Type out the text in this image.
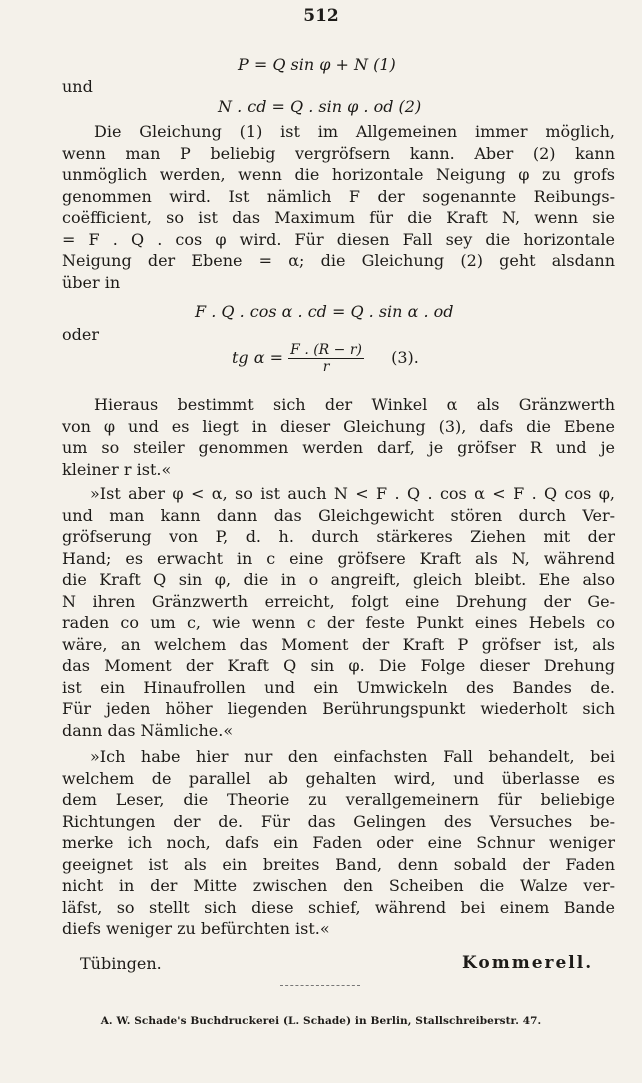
512
P = Q sin φ + N (1)
und
N . cd = Q . sin φ . od (2)
Die Gleichung (1) ist im Allgemeinen immer möglich,
wenn man P beliebig vergröfsern kann. Aber (2) kann
unmöglich werden, wenn die horizontale Neigung φ zu grofs
genommen wird. Ist nämlich F der sogenannte Reibungs-
coëfficient, so ist das Maximum für die Kraft N, wenn sie
= F . Q . cos φ wird. Für diesen Fall sey die horizontale
Neigung der Ebene = α; die Gleichung (2) geht alsdann
über in
F . Q . cos α . cd = Q . sin α . od
oder
tg $\alpha = \frac{F . (R - r)}{r} (3)$.
Hieraus bestimmt sich der Winkel α als Gränzwerth
von φ und es liegt in dieser Gleichung (3), dafs die Ebene
um so steiler genommen werden darf, je gröfser R und je
kleiner r ist.«
»Ist aber φ < α, so ist auch N < F . Q . cos α < F . Q cos φ,
und man kann dann das Gleichgewicht stören durch Ver-
gröfserung von P, d. h. durch stärkeres Ziehen mit der
Hand; es erwacht in c eine gröfsere Kraft als N, während
die Kraft Q sin φ, die in o angreift, gleich bleibt. Ehe also
N ihren Gränzwerth erreicht, folgt eine Drehung der Ge-
raden co um c, wie wenn c der feste Punkt eines Hebels co
wäre, an welchem das Moment der Kraft P gröfser ist, als
das Moment der Kraft Q sin φ. Die Folge dieser Drehung
ist ein Hinaufrollen und ein Umwickeln des Bandes de.
Für jeden höher liegenden Berührungspunkt wiederholt sich
dann das Nämliche.«
»Ich habe hier nur den einfachsten Fall behandelt, bei
welchem de parallel ab gehalten wird, und überlasse es
dem Leser, die Theorie zu verallgemeinern für beliebige
Richtungen der de. Für das Gelingen des Versuches be-
merke ich noch, dafs ein Faden oder eine Schnur weniger
geeignet ist als ein breites Band, denn sobald der Faden
nicht in der Mitte zwischen den Scheiben die Walze ver-
läfst, so stellt sich diese schief, während bei einem Bande
diefs weniger zu befürchten ist.«
Tübingen.	Kommerell.
A. W. Schade's Buchdruckerei (L. Schade) in Berlin, Stallschreiberstr. 47.
